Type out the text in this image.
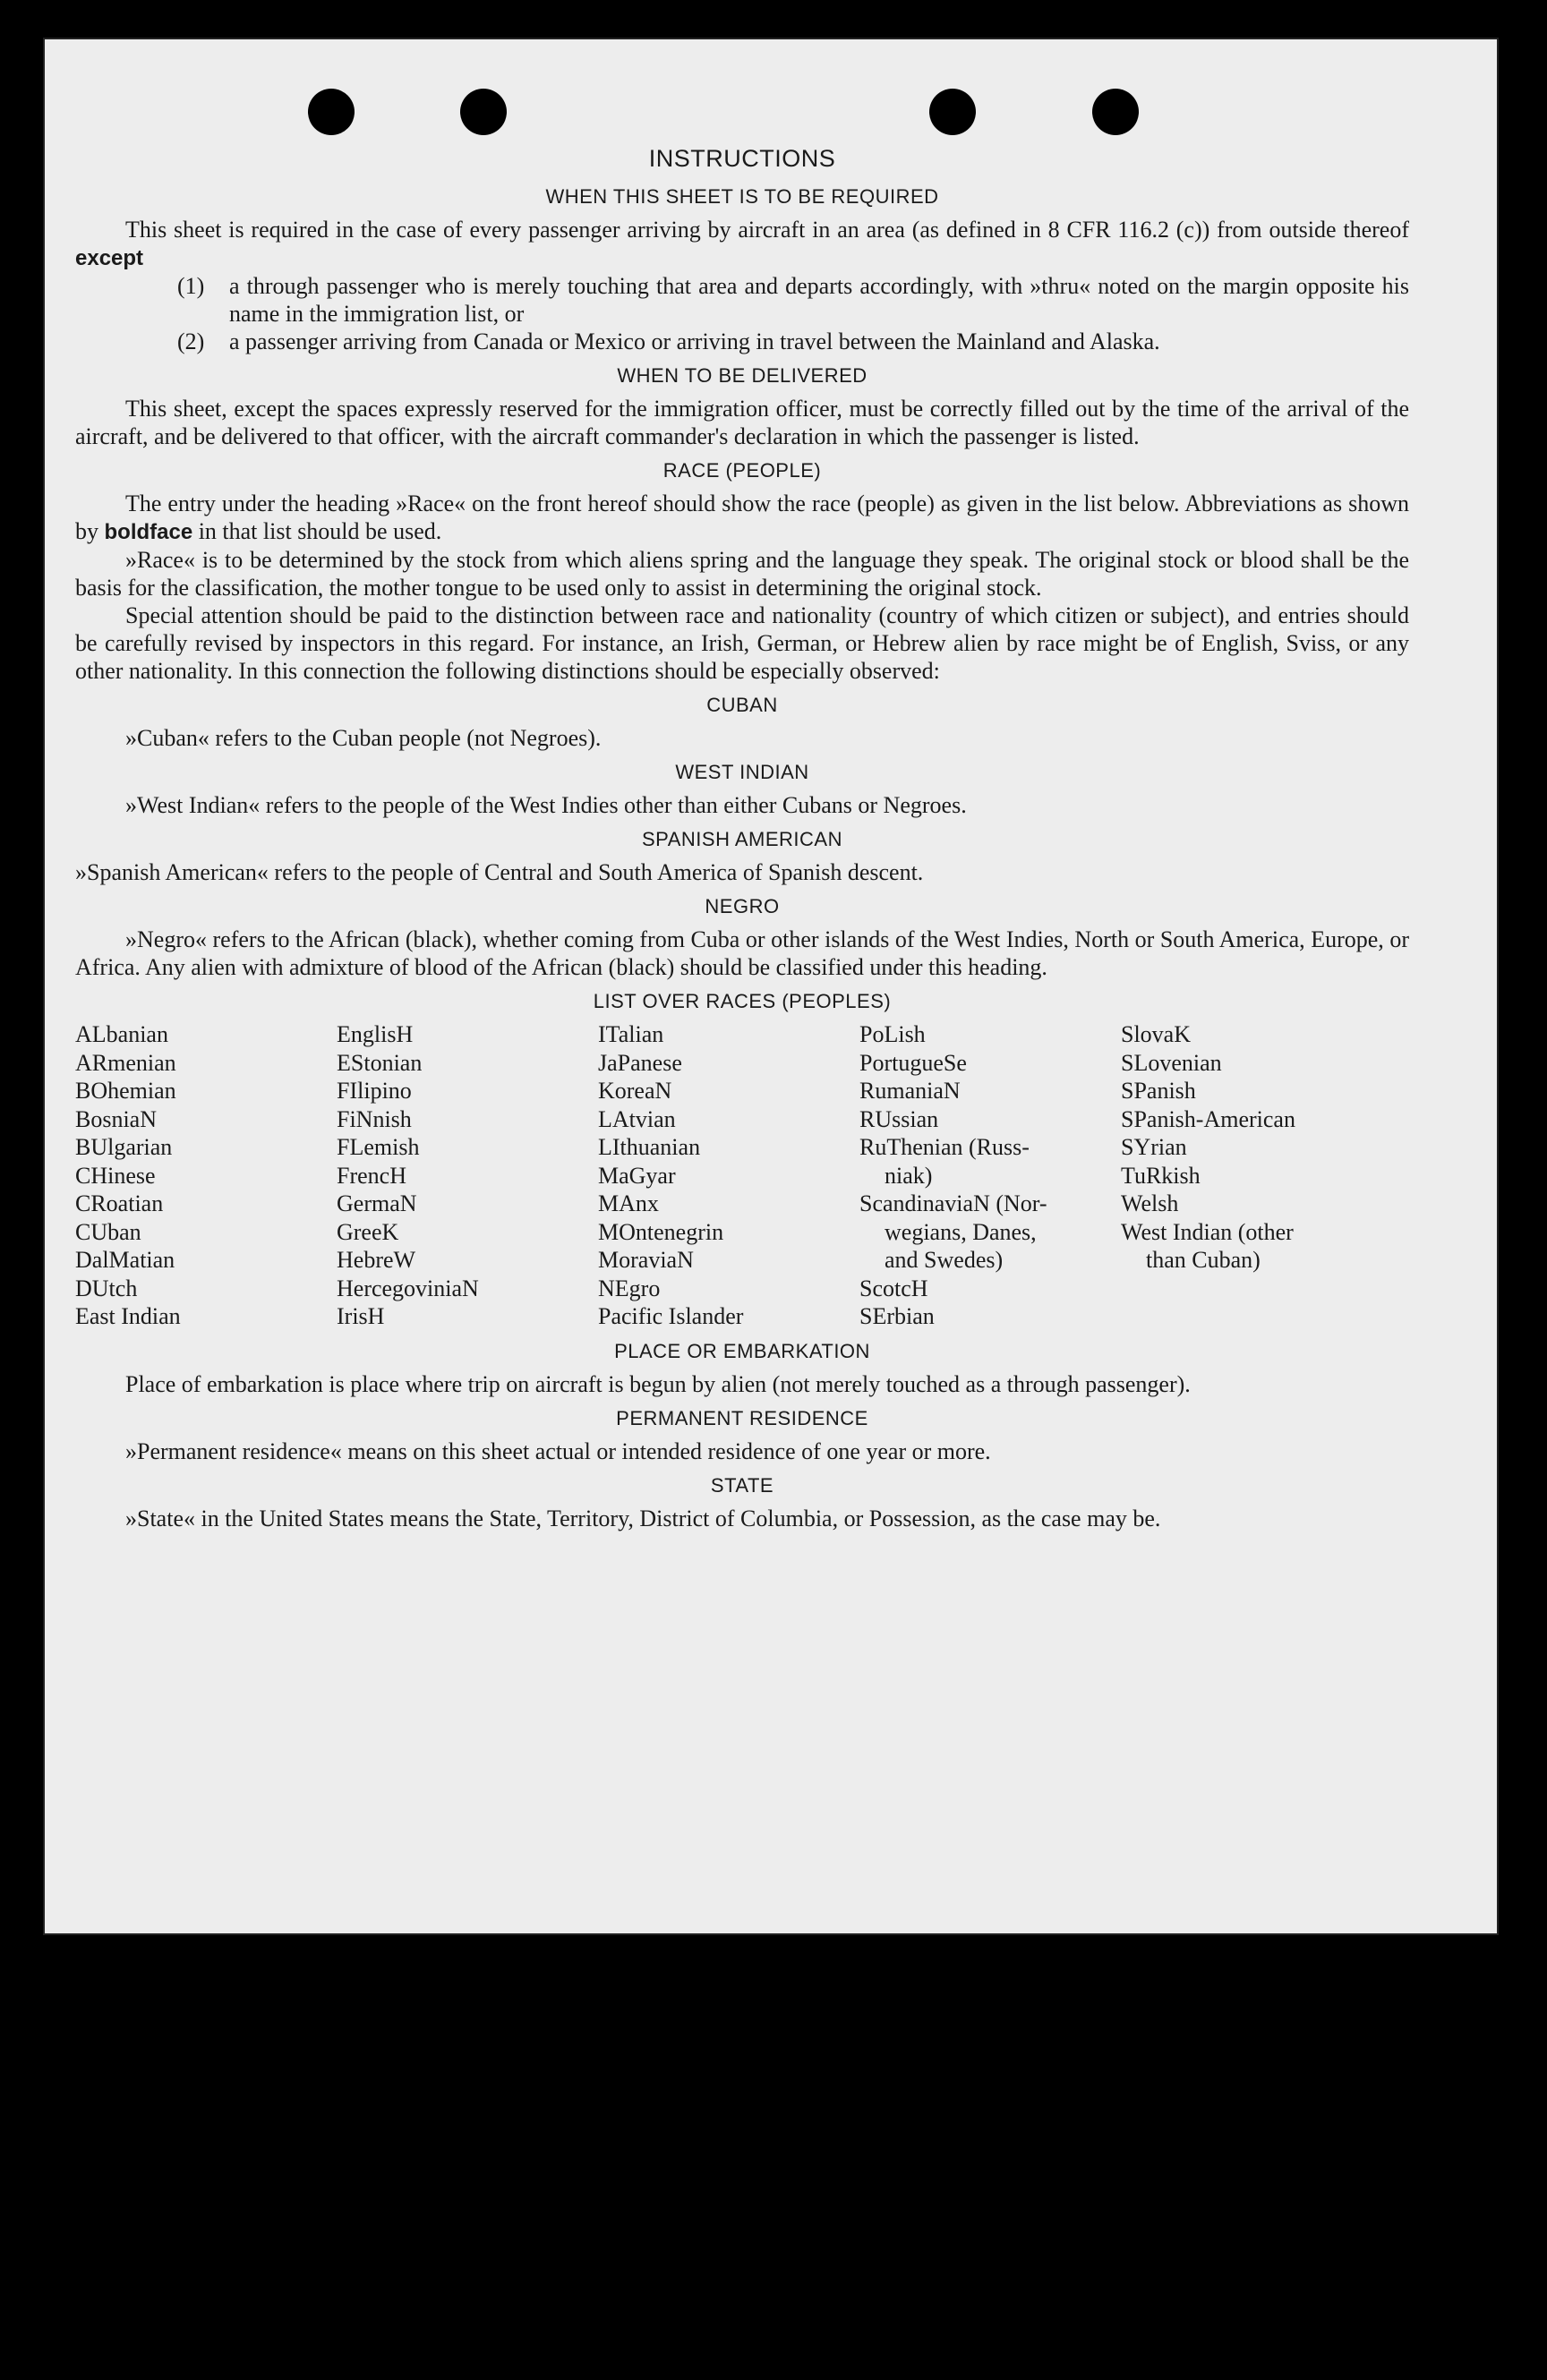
INSTRUCTIONS
WHEN THIS SHEET IS TO BE REQUIRED

This sheet is required in the case of every passenger arriving by aircraft in an area (as defined in 8 CFR 116.2 (c)) from outside thereof except

(1)	a through passenger who is merely touching that area and departs accordingly, with »thru« noted on the margin opposite his name in the immigration list, or
(2)	a passenger arriving from Canada or Mexico or arriving in travel between the Mainland and Alaska.
WHEN TO BE DELIVERED

This sheet, except the spaces expressly reserved for the immigration officer, must be correctly filled out by the time of the arrival of the aircraft, and be delivered to that officer, with the aircraft commander's declaration in which the passenger is listed.

RACE (PEOPLE)

The entry under the heading »Race« on the front hereof should show the race (people) as given in the list below. Abbreviations as shown by boldface in that list should be used.

»Race« is to be determined by the stock from which aliens spring and the language they speak. The original stock or blood shall be the basis for the classification, the mother tongue to be used only to assist in determining the original stock.

Special attention should be paid to the distinction between race and nationality (country of which citizen or subject), and entries should be carefully revised by inspectors in this regard. For instance, an Irish, German, or Hebrew alien by race might be of English, Sviss, or any other nationality. In this connection the following distinctions should be especially observed:

CUBAN

»Cuban« refers to the Cuban people (not Negroes).

WEST INDIAN

»West Indian« refers to the people of the West Indies other than either Cubans or Negroes.

SPANISH AMERICAN

»Spanish American« refers to the people of Central and South America of Spanish descent.

NEGRO

»Negro« refers to the African (black), whether coming from Cuba or other islands of the West Indies, North or South America, Europe, or Africa. Any alien with admixture of blood of the African (black) should be classified under this heading.

LIST OVER RACES (PEOPLES)
ALbanian
ARmenian
BOhemian
BosniaN
BUlgarian
CHinese
CRoatian
CUban
DalMatian
DUtch
East Indian
EnglisH
EStonian
FIlipino
FiNnish
FLemish
FrencH
GermaN
GreeK
HebreW
HercegoviniaN
IrisH
ITalian
JaPanese
KoreaN
LAtvian
LIthuanian
MaGyar
MAnx
MOntenegrin
MoraviaN
NEgro
Pacific Islander
PoLish
PortugueSe
RumaniaN
RUssian
RuThenian (Russ-
niak)
ScandinaviaN (Nor-
wegians, Danes,
and Swedes)
ScotcH
SErbian
SlovaK
SLovenian
SPanish
SPanish-American
SYrian
TuRkish
Welsh
West Indian (other
than Cuban)
PLACE OR EMBARKATION

Place of embarkation is place where trip on aircraft is begun by alien (not merely touched as a through passenger).

PERMANENT RESIDENCE

»Permanent residence« means on this sheet actual or intended residence of one year or more.

STATE

»State« in the United States means the State, Territory, District of Columbia, or Possession, as the case may be.
